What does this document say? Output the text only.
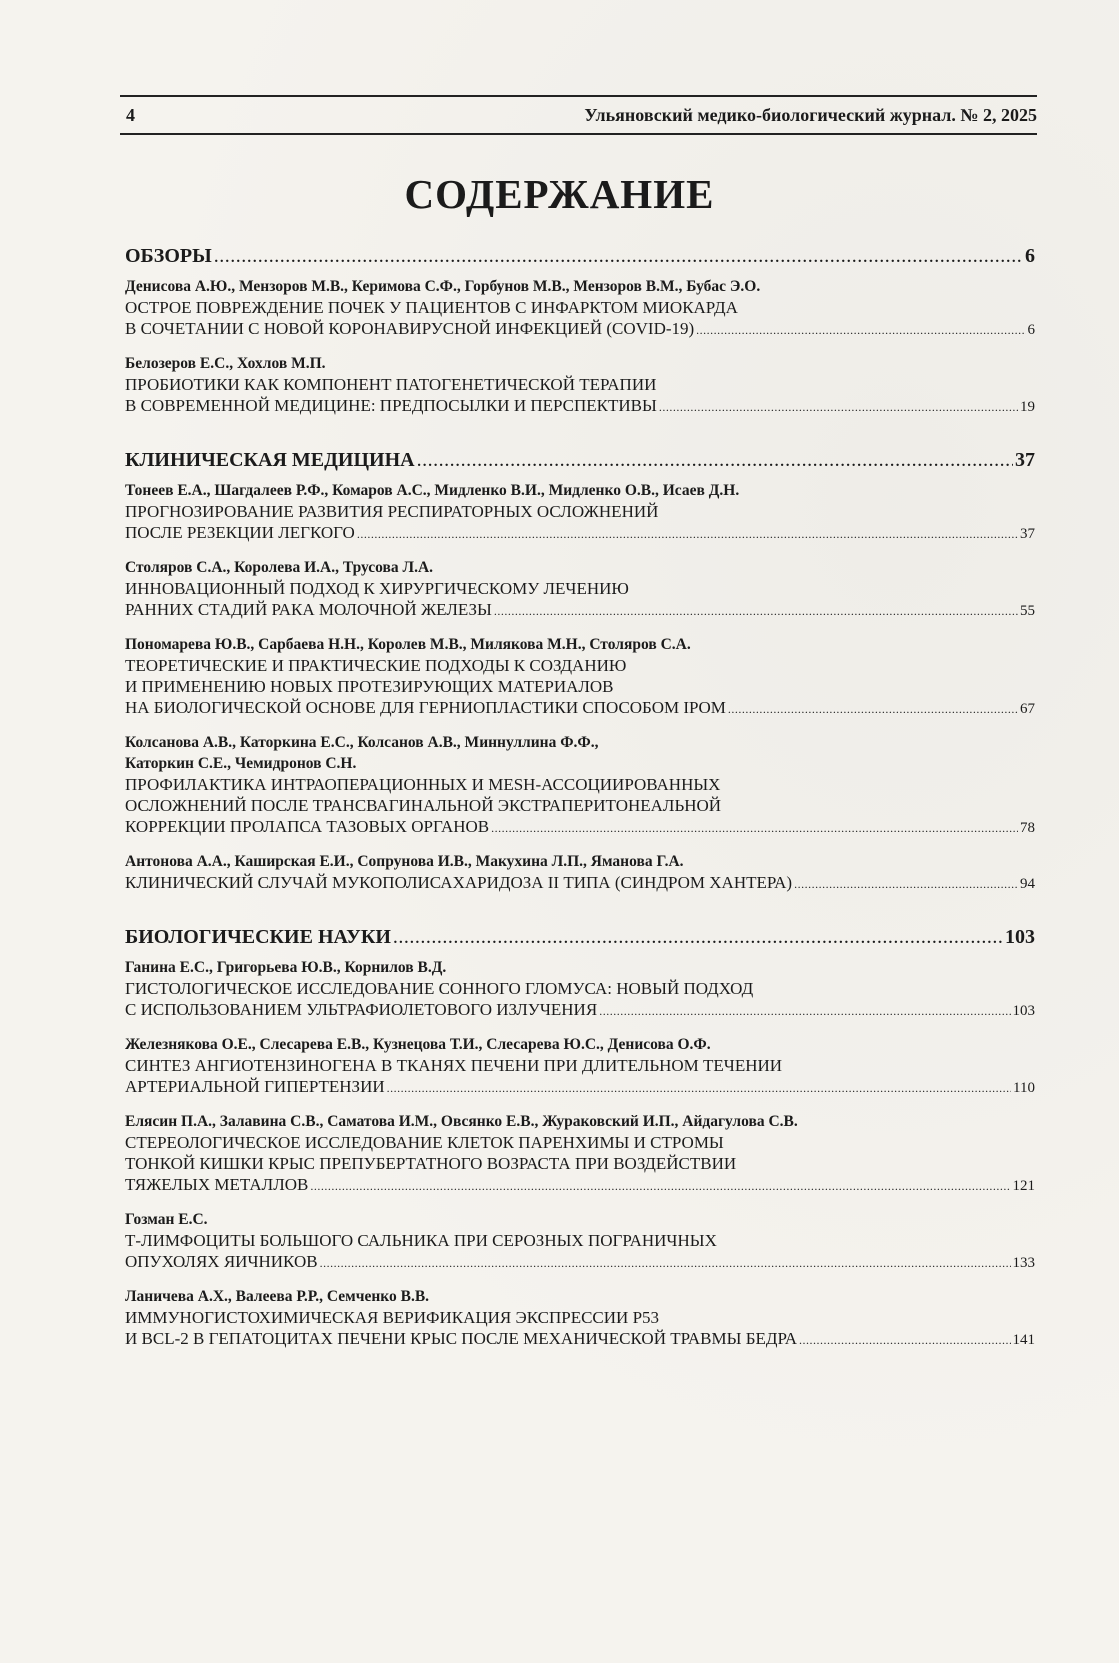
4	Ульяновский медико-биологический журнал. № 2, 2025
СОДЕРЖАНИЕ
ОБЗОРЫ .....	6
Денисова А.Ю., Мензоров М.В., Керимова С.Ф., Горбунов М.В., Мензоров В.М., Бубас Э.О.
ОСТРОЕ ПОВРЕЖДЕНИЕ ПОЧЕК У ПАЦИЕНТОВ С ИНФАРКТОМ МИОКАРДА
В СОЧЕТАНИИ С НОВОЙ КОРОНАВИРУСНОЙ ИНФЕКЦИЕЙ (COVID-19) .....	6
Белозеров Е.С., Хохлов М.П.
ПРОБИОТИКИ КАК КОМПОНЕНТ ПАТОГЕНЕТИЧЕСКОЙ ТЕРАПИИ
В СОВРЕМЕННОЙ МЕДИЦИНЕ: ПРЕДПОСЫЛКИ И ПЕРСПЕКТИВЫ .....	19
КЛИНИЧЕСКАЯ МЕДИЦИНА .....	37
Тонеев Е.А., Шагдалеев Р.Ф., Комаров А.С., Мидленко В.И., Мидленко О.В., Исаев Д.Н.
ПРОГНОЗИРОВАНИЕ РАЗВИТИЯ РЕСПИРАТОРНЫХ ОСЛОЖНЕНИЙ
ПОСЛЕ РЕЗЕКЦИИ ЛЕГКОГО .....	37
Столяров С.А., Королева И.А., Трусова Л.А.
ИННОВАЦИОННЫЙ ПОДХОД К ХИРУРГИЧЕСКОМУ ЛЕЧЕНИЮ
РАННИХ СТАДИЙ РАКА МОЛОЧНОЙ ЖЕЛЕЗЫ .....	55
Пономарева Ю.В., Сарбаева Н.Н., Королев М.В., Милякова М.Н., Столяров С.А.
ТЕОРЕТИЧЕСКИЕ И ПРАКТИЧЕСКИЕ ПОДХОДЫ К СОЗДАНИЮ
И ПРИМЕНЕНИЮ НОВЫХ ПРОТЕЗИРУЮЩИХ МАТЕРИАЛОВ
НА БИОЛОГИЧЕСКОЙ ОСНОВЕ ДЛЯ ГЕРНИОПЛАСТИКИ СПОСОБОМ IPOM .....	67
Колсанова А.В., Каторкина Е.С., Колсанов А.В., Миннуллина Ф.Ф.,
Каторкин С.Е., Чемидронов С.Н.
ПРОФИЛАКТИКА ИНТРАОПЕРАЦИОННЫХ И MESH-АССОЦИИРОВАННЫХ
ОСЛОЖНЕНИЙ ПОСЛЕ ТРАНСВАГИНАЛЬНОЙ ЭКСТРАПЕРИТОНЕАЛЬНОЙ
КОРРЕКЦИИ ПРОЛАПСА ТАЗОВЫХ ОРГАНОВ .....	78
Антонова А.А., Каширская Е.И., Сопрунова И.В., Макухина Л.П., Яманова Г.А.
КЛИНИЧЕСКИЙ СЛУЧАЙ МУКОПОЛИСАХАРИДОЗА II ТИПА (СИНДРОМ ХАНТЕРА) .....	94
БИОЛОГИЧЕСКИЕ НАУКИ .....	103
Ганина Е.С., Григорьева Ю.В., Корнилов В.Д.
ГИСТОЛОГИЧЕСКОЕ ИССЛЕДОВАНИЕ СОННОГО ГЛОМУСА: НОВЫЙ ПОДХОД
С ИСПОЛЬЗОВАНИЕМ УЛЬТРАФИОЛЕТОВОГО ИЗЛУЧЕНИЯ .....	103
Железнякова О.Е., Слесарева Е.В., Кузнецова Т.И., Слесарева Ю.С., Денисова О.Ф.
СИНТЕЗ АНГИОТЕНЗИНОГЕНА В ТКАНЯХ ПЕЧЕНИ ПРИ ДЛИТЕЛЬНОМ ТЕЧЕНИИ
АРТЕРИАЛЬНОЙ ГИПЕРТЕНЗИИ .....	110
Елясин П.А., Залавина С.В., Саматова И.М., Овсянко Е.В., Жураковский И.П., Айдагулова С.В.
СТЕРЕОЛОГИЧЕСКОЕ ИССЛЕДОВАНИЕ КЛЕТОК ПАРЕНХИМЫ И СТРОМЫ
ТОНКОЙ КИШКИ КРЫС ПРЕПУБЕРТАТНОГО ВОЗРАСТА ПРИ ВОЗДЕЙСТВИИ
ТЯЖЕЛЫХ МЕТАЛЛОВ .....	121
Гозман Е.С.
Т-ЛИМФОЦИТЫ БОЛЬШОГО САЛЬНИКА ПРИ СЕРОЗНЫХ ПОГРАНИЧНЫХ
ОПУХОЛЯХ ЯИЧНИКОВ .....	133
Ланичева А.Х., Валеева Р.Р., Семченко В.В.
ИММУНОГИСТОХИМИЧЕСКАЯ ВЕРИФИКАЦИЯ ЭКСПРЕССИИ P53
И BCL-2 В ГЕПАТОЦИТАХ ПЕЧЕНИ КРЫС ПОСЛЕ МЕХАНИЧЕСКОЙ ТРАВМЫ БЕДРА .....	141
